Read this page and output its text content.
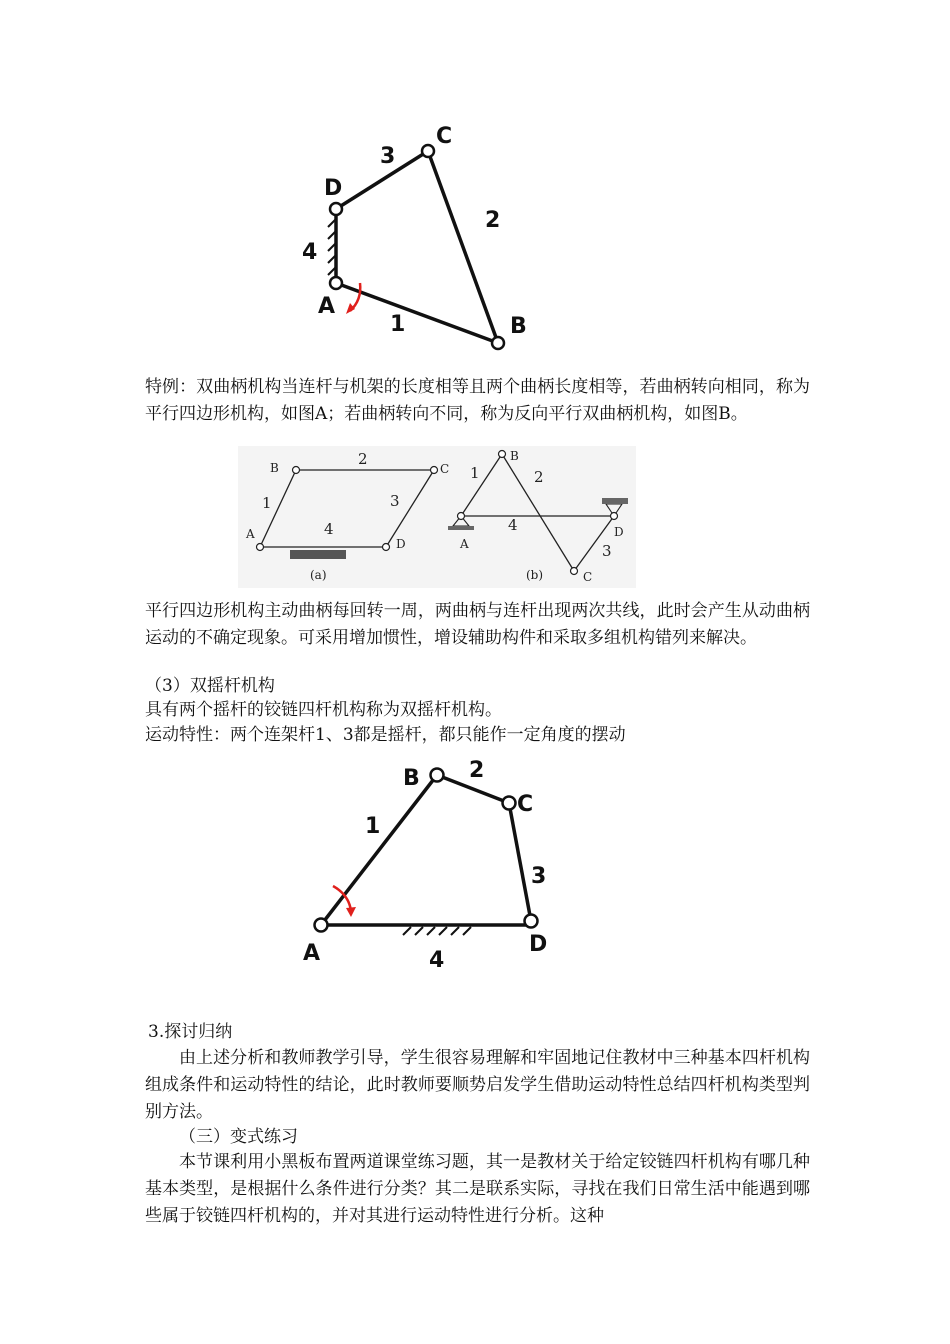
A
B
C
D
1
2
3
4

特例：双曲柄机构当连杆与机架的长度相等且两个曲柄长度相等，若曲柄转向相同，称为平行四边形机构，如图A；若曲柄转向不同，称为反向平行双曲柄机构，如图B。

B	C
A
D
2
1	3
4
(a)
B
C
A
D
1	2
3
4
(b)

平行四边形机构主动曲柄每回转一周，两曲柄与连杆出现两次共线，此时会产生从动曲柄运动的不确定现象。可采用增加惯性，增设辅助构件和采取多组机构错列来解决。

（3）双摇杆机构

具有两个摇杆的铰链四杆机构称为双摇杆机构。

运动特性：两个连架杆1、3都是摇杆，都只能作一定角度的摆动

A
B
C
D
1
2
3
4

3.探讨归纳

由上述分析和教师教学引导，学生很容易理解和牢固地记住教材中三种基本四杆机构组成条件和运动特性的结论，此时教师要顺势启发学生借助运动特性总结四杆机构类型判别方法。

（三）变式练习

本节课利用小黑板布置两道课堂练习题，其一是教材关于给定铰链四杆机构有哪几种基本类型，是根据什么条件进行分类？其二是联系实际，寻找在我们日常生活中能遇到哪些属于铰链四杆机构的，并对其进行运动特性进行分析。这种
